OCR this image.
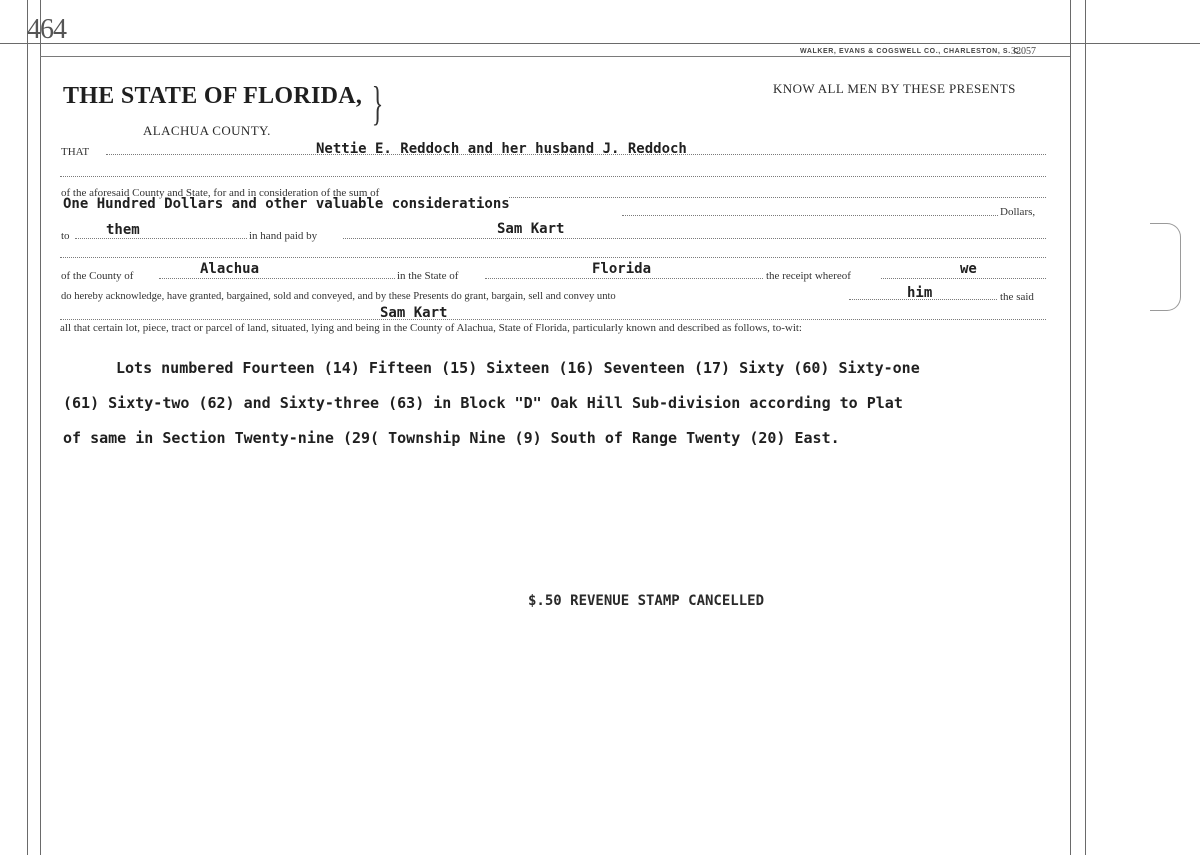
464
WALKER, EVANS & COGSWELL CO., CHARLESTON, S. C.
32057
THE STATE OF FLORIDA, }
ALACHUA COUNTY.
KNOW ALL MEN BY THESE PRESENTS
THAT	Nettie E. Reddoch and her husband J. Reddoch
of the aforesaid County and State, for and in consideration of the sum of
One Hundred Dollars and other valuable considerations	Dollars,
to	them	in hand paid by	Sam Kart
of the County of	Alachua	in the State of	Florida	the receipt whereof	we
do hereby acknowledge, have granted, bargained, sold and conveyed, and by these Presents do grant, bargain, sell and convey unto	him	the said
Sam Kart
all that certain lot, piece, tract or parcel of land, situated, lying and being in the County of Alachua, State of Florida, particularly known and described as follows, to-wit:
Lots numbered Fourteen (14) Fifteen (15) Sixteen (16) Seventeen (17) Sixty (60) Sixty-one
(61) Sixty-two (62) and Sixty-three (63) in Block "D" Oak Hill Sub-division according to Plat
of same in Section Twenty-nine (29( Township Nine (9) South of Range Twenty (20) East.
$.50 REVENUE STAMP CANCELLED
